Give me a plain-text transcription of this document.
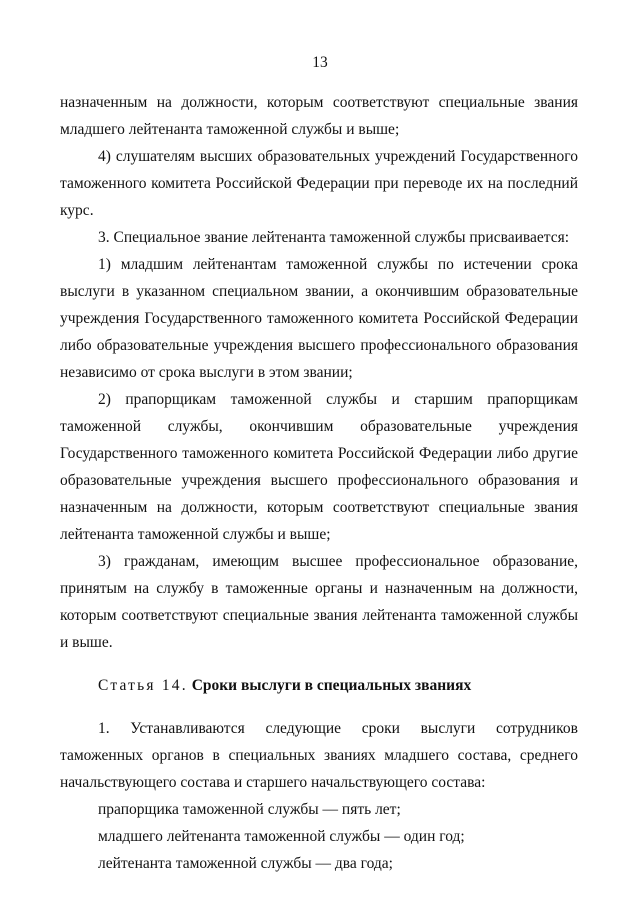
13

назначенным на должности, которым соответствуют специальные звания младшего лейтенанта таможенной службы и выше;

4) слушателям высших образовательных учреждений Государственного таможенного комитета Российской Федерации при переводе их на последний курс.

3. Специальное звание лейтенанта таможенной службы присваивается:

1) младшим лейтенантам таможенной службы по истечении срока выслуги в указанном специальном звании, а окончившим образовательные учреждения Государственного таможенного комитета Российской Федерации либо образовательные учреждения высшего профессионального образования независимо от срока выслуги в этом звании;

2) прапорщикам таможенной службы и старшим прапорщикам таможенной службы, окончившим образовательные учреждения Государственного таможенного комитета Российской Федерации либо другие образовательные учреждения высшего профессионального образования и назначенным на должности, которым соответствуют специальные звания лейтенанта таможенной службы и выше;

3) гражданам, имеющим высшее профессиональное образование, принятым на службу в таможенные органы и назначенным на должности, которым соответствуют специальные звания лейтенанта таможенной службы и выше.

Статья 14. Сроки выслуги в специальных званиях

1. Устанавливаются следующие сроки выслуги сотрудников таможенных органов в специальных званиях младшего состава, среднего начальствующего состава и старшего начальствующего состава:

прапорщика таможенной службы — пять лет;

младшего лейтенанта таможенной службы — один год;

лейтенанта таможенной службы — два года;
